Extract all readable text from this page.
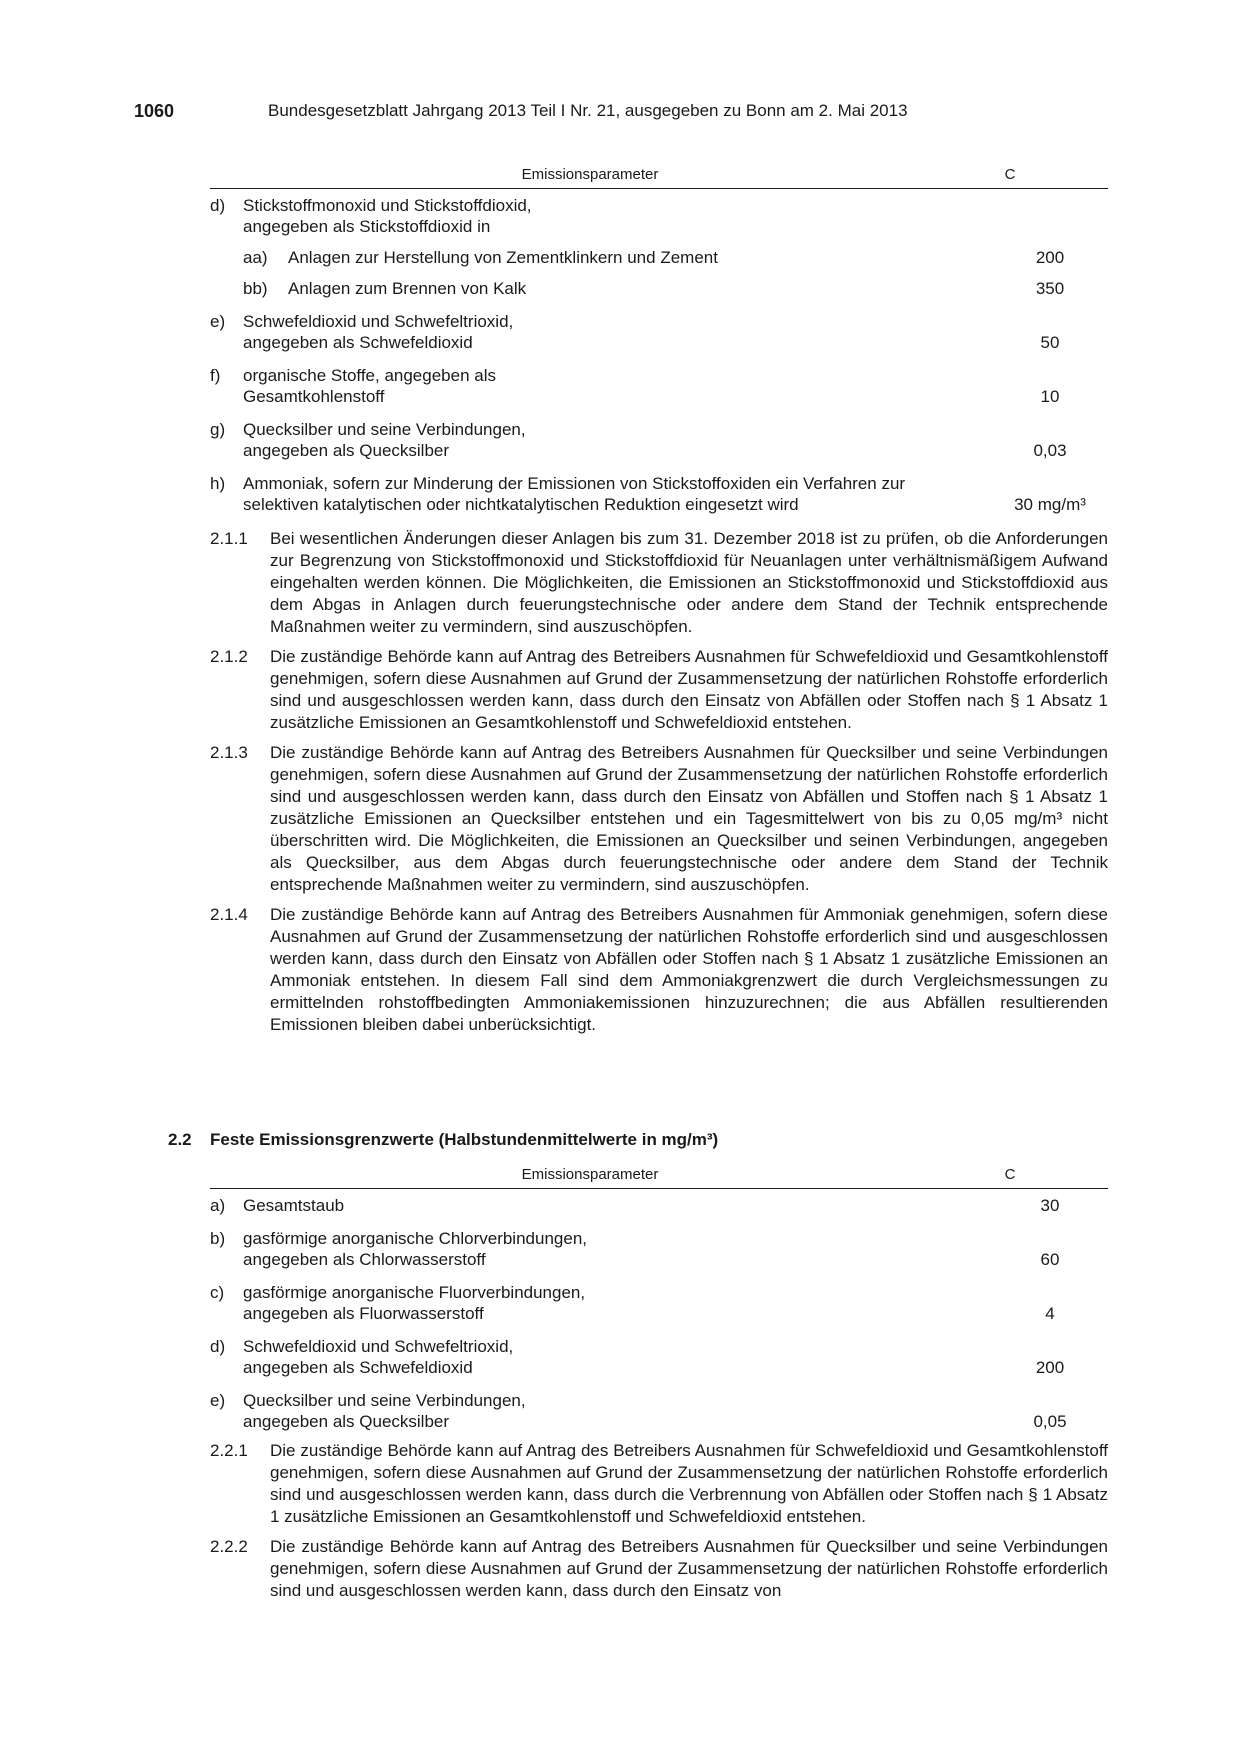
1060	Bundesgesetzblatt Jahrgang 2013 Teil I Nr. 21, ausgegeben zu Bonn am 2. Mai 2013
Emissionsparameter	C
d) Stickstoffmonoxid und Stickstoffdioxid, angegeben als Stickstoffdioxid in
aa) Anlagen zur Herstellung von Zementklinkern und Zement	200
bb) Anlagen zum Brennen von Kalk	350
e) Schwefeldioxid und Schwefeltrioxid, angegeben als Schwefeldioxid	50
f) organische Stoffe, angegeben als Gesamtkohlenstoff	10
g) Quecksilber und seine Verbindungen, angegeben als Quecksilber	0,03
h) Ammoniak, sofern zur Minderung der Emissionen von Stickstoffoxiden ein Verfahren zur selektiven katalytischen oder nichtkatalytischen Reduktion eingesetzt wird	30 mg/m³
2.1.1 Bei wesentlichen Änderungen dieser Anlagen bis zum 31. Dezember 2018 ist zu prüfen, ob die Anforderungen zur Begrenzung von Stickstoffmonoxid und Stickstoffdioxid für Neuanlagen unter verhältnismäßigem Aufwand eingehalten werden können. Die Möglichkeiten, die Emissionen an Stickstoffmonoxid und Stickstoffdioxid aus dem Abgas in Anlagen durch feuerungstechnische oder andere dem Stand der Technik entsprechende Maßnahmen weiter zu vermindern, sind auszuschöpfen.
2.1.2 Die zuständige Behörde kann auf Antrag des Betreibers Ausnahmen für Schwefeldioxid und Gesamtkohlenstoff genehmigen, sofern diese Ausnahmen auf Grund der Zusammensetzung der natürlichen Rohstoffe erforderlich sind und ausgeschlossen werden kann, dass durch den Einsatz von Abfällen oder Stoffen nach § 1 Absatz 1 zusätzliche Emissionen an Gesamtkohlenstoff und Schwefeldioxid entstehen.
2.1.3 Die zuständige Behörde kann auf Antrag des Betreibers Ausnahmen für Quecksilber und seine Verbindungen genehmigen, sofern diese Ausnahmen auf Grund der Zusammensetzung der natürlichen Rohstoffe erforderlich sind und ausgeschlossen werden kann, dass durch den Einsatz von Abfällen und Stoffen nach § 1 Absatz 1 zusätzliche Emissionen an Quecksilber entstehen und ein Tagesmittelwert von bis zu 0,05 mg/m³ nicht überschritten wird. Die Möglichkeiten, die Emissionen an Quecksilber und seinen Verbindungen, angegeben als Quecksilber, aus dem Abgas durch feuerungstechnische oder andere dem Stand der Technik entsprechende Maßnahmen weiter zu vermindern, sind auszuschöpfen.
2.1.4 Die zuständige Behörde kann auf Antrag des Betreibers Ausnahmen für Ammoniak genehmigen, sofern diese Ausnahmen auf Grund der Zusammensetzung der natürlichen Rohstoffe erforderlich sind und ausgeschlossen werden kann, dass durch den Einsatz von Abfällen oder Stoffen nach § 1 Absatz 1 zusätzliche Emissionen an Ammoniak entstehen. In diesem Fall sind dem Ammoniakgrenzwert die durch Vergleichsmessungen zu ermittelnden rohstoffbedingten Ammoniakemissionen hinzuzurechnen; die aus Abfällen resultierenden Emissionen bleiben dabei unberücksichtigt.
2.2 Feste Emissionsgrenzwerte (Halbstundenmittelwerte in mg/m³)
Emissionsparameter	C
a) Gesamtstaub	30
b) gasförmige anorganische Chlorverbindungen, angegeben als Chlorwasserstoff	60
c) gasförmige anorganische Fluorverbindungen, angegeben als Fluorwasserstoff	4
d) Schwefeldioxid und Schwefeltrioxid, angegeben als Schwefeldioxid	200
e) Quecksilber und seine Verbindungen, angegeben als Quecksilber	0,05
2.2.1 Die zuständige Behörde kann auf Antrag des Betreibers Ausnahmen für Schwefeldioxid und Gesamtkohlenstoff genehmigen, sofern diese Ausnahmen auf Grund der Zusammensetzung der natürlichen Rohstoffe erforderlich sind und ausgeschlossen werden kann, dass durch die Verbrennung von Abfällen oder Stoffen nach § 1 Absatz 1 zusätzliche Emissionen an Gesamtkohlenstoff und Schwefeldioxid entstehen.
2.2.2 Die zuständige Behörde kann auf Antrag des Betreibers Ausnahmen für Quecksilber und seine Verbindungen genehmigen, sofern diese Ausnahmen auf Grund der Zusammensetzung der natürlichen Rohstoffe erforderlich sind und ausgeschlossen werden kann, dass durch den Einsatz von
